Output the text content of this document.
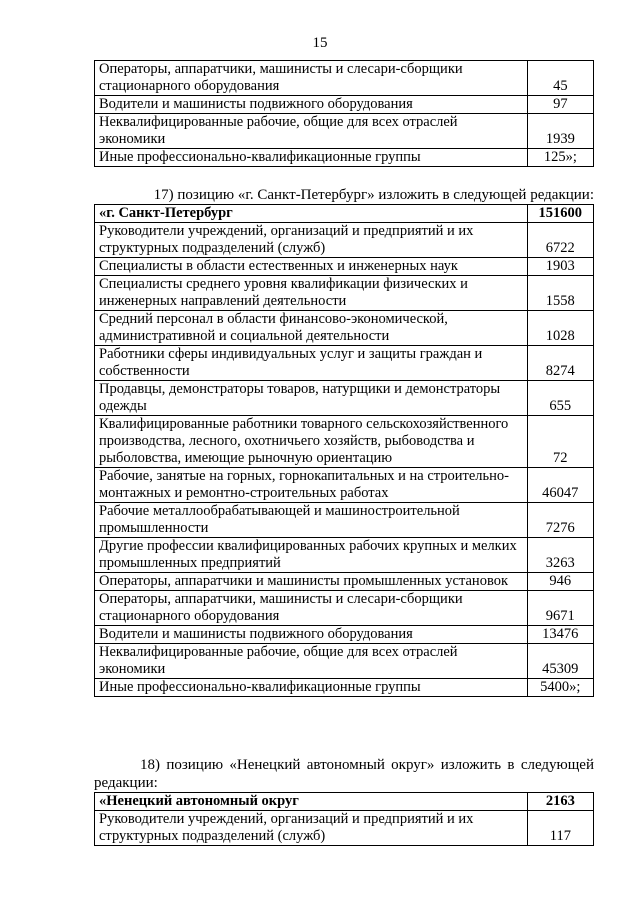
15
Операторы, аппаратчики, машинисты и слесари-сборщики стационарного оборудования	45
Водители и машинисты подвижного оборудования	97
Неквалифицированные рабочие, общие для всех отраслей экономики	1939
Иные профессионально-квалификационные группы	125»;
17) позицию «г. Санкт-Петербург» изложить в следующей редакции:
«г. Санкт-Петербург	151600
Руководители учреждений, организаций и предприятий и их структурных подразделений (служб)	6722
Специалисты в области естественных и инженерных наук	1903
Специалисты среднего уровня квалификации физических и инженерных направлений деятельности	1558
Средний персонал в области финансово-экономической, административной и социальной деятельности	1028
Работники сферы индивидуальных услуг и защиты граждан и собственности	8274
Продавцы, демонстраторы товаров, натурщики и демонстраторы одежды	655
Квалифицированные работники товарного сельскохозяйственного производства, лесного, охотничьего хозяйств, рыбоводства и рыболовства, имеющие рыночную ориентацию	72
Рабочие, занятые на горных, горнокапитальных и на строительно-монтажных и ремонтно-строительных работах	46047
Рабочие металлообрабатывающей и машиностроительной промышленности	7276
Другие профессии квалифицированных рабочих крупных и мелких промышленных предприятий	3263
Операторы, аппаратчики и машинисты промышленных установок	946
Операторы, аппаратчики, машинисты и слесари-сборщики стационарного оборудования	9671
Водители и машинисты подвижного оборудования	13476
Неквалифицированные рабочие, общие для всех отраслей экономики	45309
Иные профессионально-квалификационные группы	5400»;
18) позицию «Ненецкий автономный округ» изложить в следующей редакции:
«Ненецкий автономный округ	2163
Руководители учреждений, организаций и предприятий и их структурных подразделений (служб)	117
